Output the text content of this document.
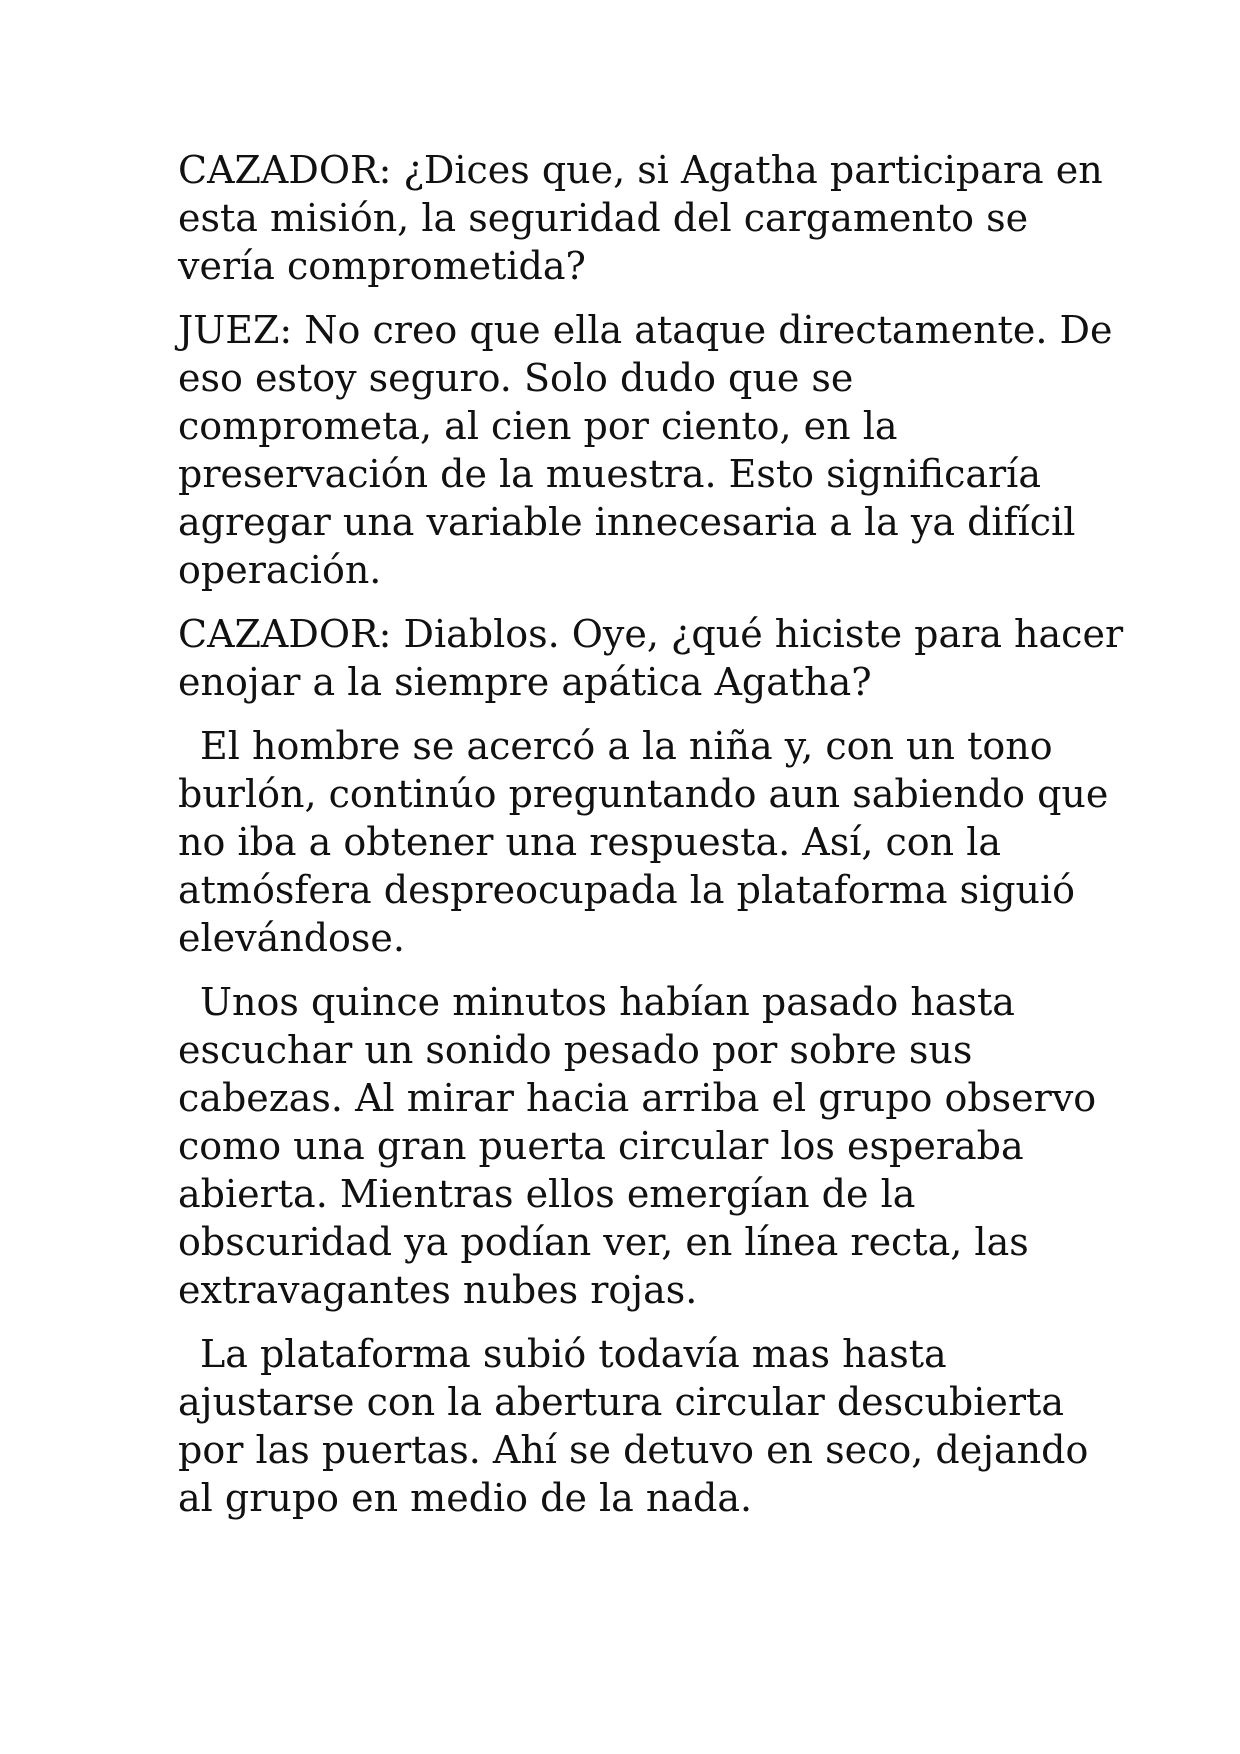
CAZADOR: ¿Dices que, si Agatha participara en
esta misión, la seguridad del cargamento se
vería comprometida?

JUEZ: No creo que ella ataque directamente. De
eso estoy seguro. Solo dudo que se
comprometa, al cien por ciento, en la
preservación de la muestra. Esto significaría
agregar una variable innecesaria a la ya difícil
operación.

CAZADOR: Diablos. Oye, ¿qué hiciste para hacer
enojar a la siempre apática Agatha?

El hombre se acercó a la niña y, con un tono
burlón, continúo preguntando aun sabiendo que
no iba a obtener una respuesta. Así, con la
atmósfera despreocupada la plataforma siguió
elevándose.

Unos quince minutos habían pasado hasta
escuchar un sonido pesado por sobre sus
cabezas. Al mirar hacia arriba el grupo observo
como una gran puerta circular los esperaba
abierta. Mientras ellos emergían de la
obscuridad ya podían ver, en línea recta, las
extravagantes nubes rojas.

La plataforma subió todavía mas hasta
ajustarse con la abertura circular descubierta
por las puertas. Ahí se detuvo en seco, dejando
al grupo en medio de la nada.
